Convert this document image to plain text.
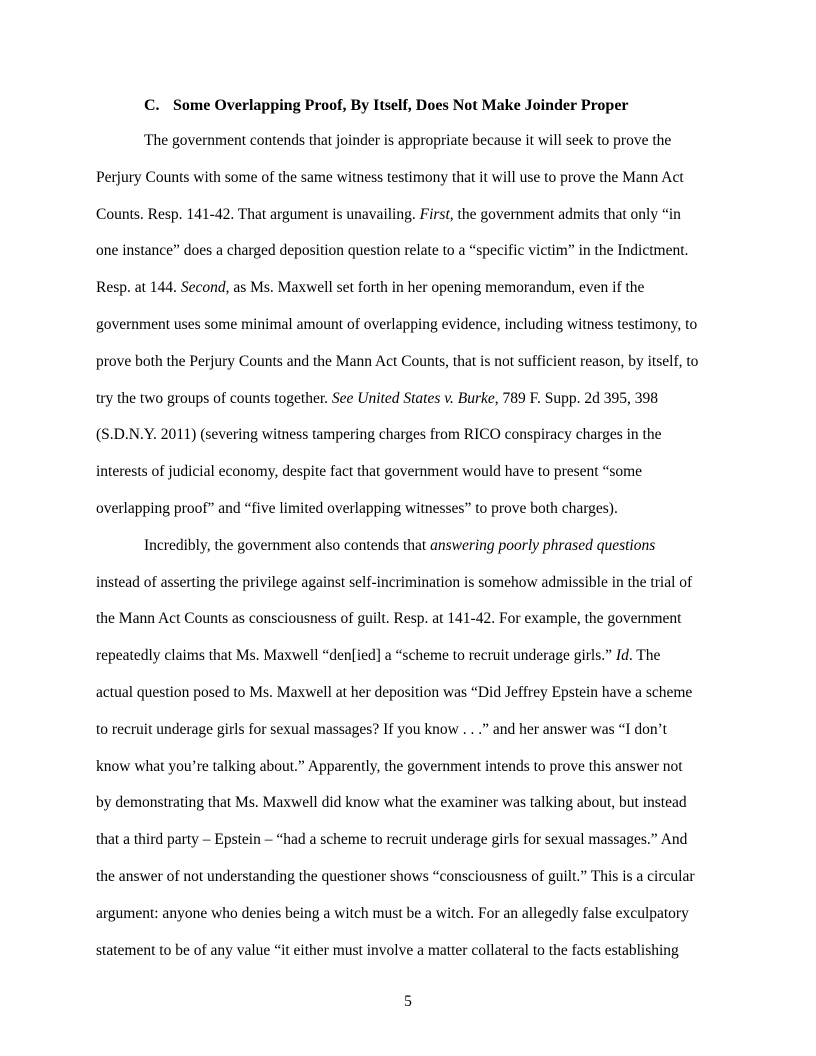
C. Some Overlapping Proof, By Itself, Does Not Make Joinder Proper
The government contends that joinder is appropriate because it will seek to prove the
Perjury Counts with some of the same witness testimony that it will use to prove the Mann Act
Counts. Resp. 141-42. That argument is unavailing. First, the government admits that only “in
one instance” does a charged deposition question relate to a “specific victim” in the Indictment.
Resp. at 144. Second, as Ms. Maxwell set forth in her opening memorandum, even if the
government uses some minimal amount of overlapping evidence, including witness testimony, to
prove both the Perjury Counts and the Mann Act Counts, that is not sufficient reason, by itself, to
try the two groups of counts together. See United States v. Burke, 789 F. Supp. 2d 395, 398
(S.D.N.Y. 2011) (severing witness tampering charges from RICO conspiracy charges in the
interests of judicial economy, despite fact that government would have to present “some
overlapping proof” and “five limited overlapping witnesses” to prove both charges).
Incredibly, the government also contends that answering poorly phrased questions
instead of asserting the privilege against self-incrimination is somehow admissible in the trial of
the Mann Act Counts as consciousness of guilt. Resp. at 141-42. For example, the government
repeatedly claims that Ms. Maxwell “den[ied] a “scheme to recruit underage girls.” Id. The
actual question posed to Ms. Maxwell at her deposition was “Did Jeffrey Epstein have a scheme
to recruit underage girls for sexual massages? If you know . . .” and her answer was “I don’t
know what you’re talking about.” Apparently, the government intends to prove this answer not
by demonstrating that Ms. Maxwell did know what the examiner was talking about, but instead
that a third party – Epstein – “had a scheme to recruit underage girls for sexual massages.” And
the answer of not understanding the questioner shows “consciousness of guilt.” This is a circular
argument: anyone who denies being a witch must be a witch. For an allegedly false exculpatory
statement to be of any value “it either must involve a matter collateral to the facts establishing
5
